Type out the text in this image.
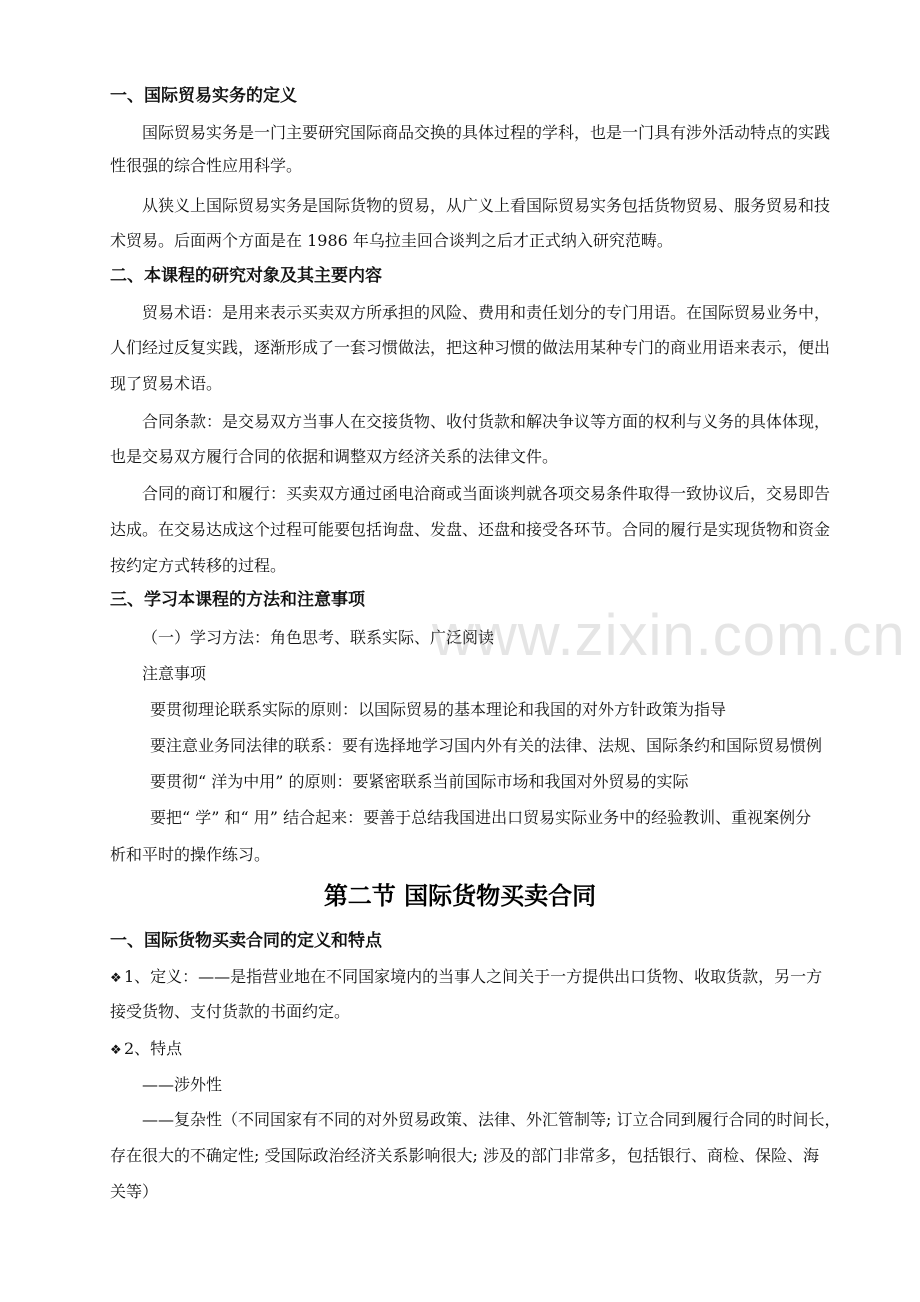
www.zixin.com.cn
一、国际贸易实务的定义
国际贸易实务是一门主要研究国际商品交换的具体过程的学科，也是一门具有涉外活动特点的实践
性很强的综合性应用科学。
从狭义上国际贸易实务是国际货物的贸易，从广义上看国际贸易实务包括货物贸易、服务贸易和技
术贸易。后面两个方面是在 1986 年乌拉圭回合谈判之后才正式纳入研究范畴。
二、本课程的研究对象及其主要内容
贸易术语：是用来表示买卖双方所承担的风险、费用和责任划分的专门用语。在国际贸易业务中，
人们经过反复实践，逐渐形成了一套习惯做法，把这种习惯的做法用某种专门的商业用语来表示，便出
现了贸易术语。
合同条款：是交易双方当事人在交接货物、收付货款和解决争议等方面的权利与义务的具体体现，
也是交易双方履行合同的依据和调整双方经济关系的法律文件。
合同的商订和履行：买卖双方通过函电洽商或当面谈判就各项交易条件取得一致协议后，交易即告
达成。在交易达成这个过程可能要包括询盘、发盘、还盘和接受各环节。合同的履行是实现货物和资金
按约定方式转移的过程。
三、学习本课程的方法和注意事项
（一）学习方法：角色思考、联系实际、广泛阅读
注意事项
要贯彻理论联系实际的原则：以国际贸易的基本理论和我国的对外方针政策为指导
要注意业务同法律的联系：要有选择地学习国内外有关的法律、法规、国际条约和国际贸易惯例
要贯彻“ 洋为中用” 的原则：要紧密联系当前国际市场和我国对外贸易的实际
要把“ 学” 和“ 用” 结合起来：要善于总结我国进出口贸易实际业务中的经验教训、重视案例分
析和平时的操作练习。
第二节 国际货物买卖合同
一、国际货物买卖合同的定义和特点
❖ 1、定义：——是指营业地在不同国家境内的当事人之间关于一方提供出口货物、收取货款，另一方
接受货物、支付货款的书面约定。
❖ 2、特点
——涉外性
——复杂性（不同国家有不同的对外贸易政策、法律、外汇管制等; 订立合同到履行合同的时间长，
存在很大的不确定性; 受国际政治经济关系影响很大; 涉及的部门非常多，包括银行、商检、保险、海
关等）
